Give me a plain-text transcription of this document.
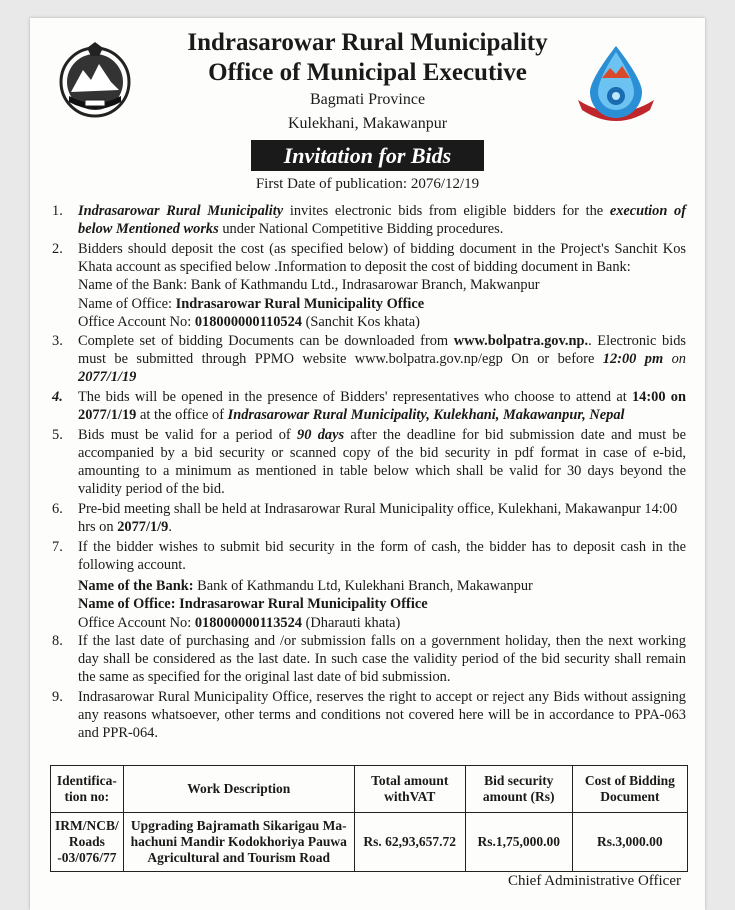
Indrasarowar Rural Municipality
Office of Municipal Executive
Bagmati Province
Kulekhani, Makawanpur
Invitation for Bids
First Date of publication: 2076/12/19
1.	Indrasarowar Rural Municipality invites electronic bids from eligible bidders for the execution of below Mentioned works under National Competitive Bidding procedures.
2.	Bidders should deposit the cost (as specified below) of bidding document in the Project's Sanchit Kos Khata account as specified below .Information to deposit the cost of bidding document in Bank:
Name of the Bank: Bank of Kathmandu Ltd., Indrasarowar Branch, Makwanpur
Name of Office: Indrasarowar Rural Municipality Office
Office Account No: 018000000110524 (Sanchit Kos khata)
3.	Complete set of bidding Documents can be downloaded from www.bolpatra.gov.np.. Electronic bids must be submitted through PPMO website www.bolpatra.gov.np/egp On or before 12:00 pm on 2077/1/19
4.	The bids will be opened in the presence of Bidders' representatives who choose to attend at 14:00 on 2077/1/19 at the office of Indrasarowar Rural Municipality, Kulekhani, Makawanpur, Nepal
5.	Bids must be valid for a period of 90 days after the deadline for bid submission date and must be accompanied by a bid security or scanned copy of the bid security in pdf format in case of e-bid, amounting to a minimum as mentioned in table below which shall be valid for 30 days beyond the validity period of the bid.
6.	Pre-bid meeting shall be held at Indrasarowar Rural Municipality office, Kulekhani, Makawanpur 14:00 hrs on 2077/1/9.
7.	If the bidder wishes to submit bid security in the form of cash, the bidder has to deposit cash in the following account.
Name of the Bank: Bank of Kathmandu Ltd, Kulekhani Branch, Makawanpur
Name of Office: Indrasarowar Rural Municipality Office
Office Account No: 018000000113524 (Dharauti khata)
8.	If the last date of purchasing and /or submission falls on a government holiday, then the next working day shall be considered as the last date. In such case the validity period of the bid security shall remain the same as specified for the original last date of bid submission.
9.	Indrasarowar Rural Municipality Office, reserves the right to accept or reject any Bids without assigning any reasons whatsoever, other terms and conditions not covered here will be in accordance to PPA-063 and PPR-064.
Identifica-tion no:	Work Description	Total amount withVAT	Bid security amount (Rs)	Cost of Bidding Document
IRM/NCB/ Roads -03/076/77	Upgrading Bajramath Sikarigau Ma-hachuni Mandir Kodokhoriya Pauwa Agricultural and Tourism Road	Rs. 62,93,657.72	Rs.1,75,000.00	Rs.3,000.00
Chief Administrative Officer
